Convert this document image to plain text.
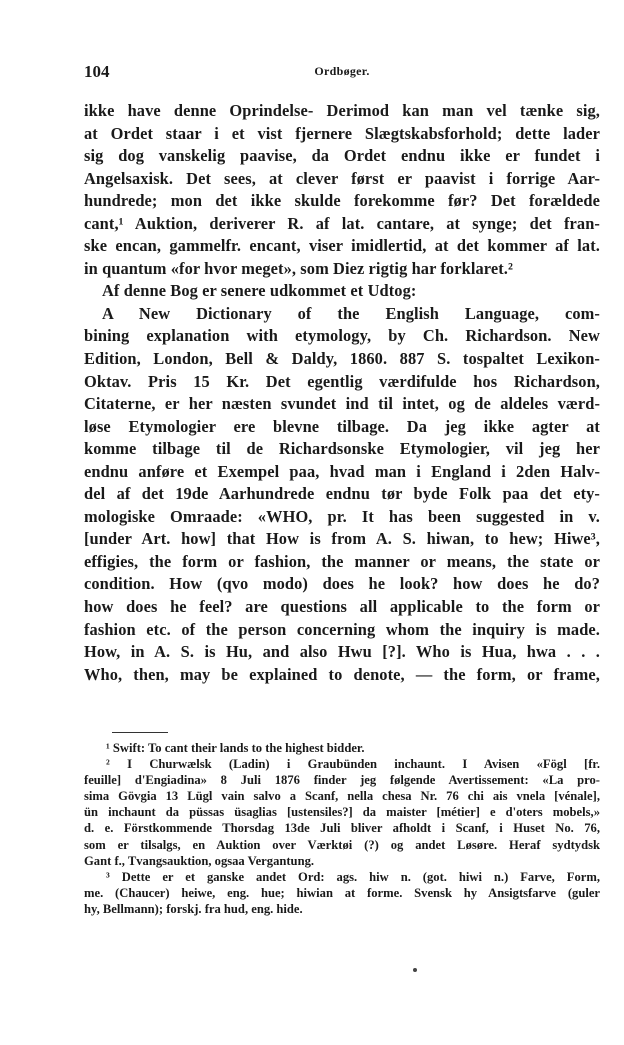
104	Ordbøger.
ikke have denne Oprindelse- Derimod kan man vel tænke sig,
at Ordet staar i et vist fjernere Slægtskabsforhold; dette lader
sig dog vanskelig paavise, da Ordet endnu ikke er fundet i
Angelsaxisk. Det sees, at clever først er paavist i forrige Aar-
hundrede; mon det ikke skulde forekomme før? Det forældede
cant,¹ Auktion, deriverer R. af lat. cantare, at synge; det fran-
ske encan, gammelfr. encant, viser imidlertid, at det kommer af lat.
in quantum «for hvor meget», som Diez rigtig har forklaret.²
Af denne Bog er senere udkommet et Udtog:
A New Dictionary of the English Language, com-
bining explanation with etymology, by Ch. Richardson. New
Edition, London, Bell & Daldy, 1860. 887 S. tospaltet Lexikon-
Oktav. Pris 15 Kr. Det egentlig værdifulde hos Richardson,
Citaterne, er her næsten svundet ind til intet, og de aldeles værd-
løse Etymologier ere blevne tilbage. Da jeg ikke agter at
komme tilbage til de Richardsonske Etymologier, vil jeg her
endnu anføre et Exempel paa, hvad man i England i 2den Halv-
del af det 19de Aarhundrede endnu tør byde Folk paa det ety-
mologiske Omraade: «WHO, pr. It has been suggested in v.
[under Art. how] that How is from A. S. hiwan, to hew; Hiwe³,
effigies, the form or fashion, the manner or means, the state or
condition. How (qvo modo) does he look? how does he do?
how does he feel? are questions all applicable to the form or
fashion etc. of the person concerning whom the inquiry is made.
How, in A. S. is Hu, and also Hwu [?]. Who is Hua, hwa . . .
Who, then, may be explained to denote, — the form, or frame,
¹ Swift: To cant their lands to the highest bidder.
² I Churwælsk (Ladin) i Graubünden inchaunt. I Avisen «Fögl [fr.
feuille] d'Engiadina» 8 Juli 1876 finder jeg følgende Avertissement: «La pro-
sima Gövgia 13 Lügl vain salvo a Scanf, nella chesa Nr. 76 chi ais vnela [vénale],
ün inchaunt da püssas üsaglias [ustensiles?] da maister [métier] e d'oters mobels,»
d. e. Förstkommende Thorsdag 13de Juli bliver afholdt i Scanf, i Huset No. 76,
som er tilsalgs, en Auktion over Værktøi (?) og andet Løsøre. Heraf sydtydsk
Gant f., Tvangsauktion, ogsaa Vergantung.
³ Dette er et ganske andet Ord: ags. hiw n. (got. hiwi n.) Farve, Form,
me. (Chaucer) heiwe, eng. hue; hiwian at forme. Svensk hy Ansigtsfarve (guler
hy, Bellmann); forskj. fra hud, eng. hide.
